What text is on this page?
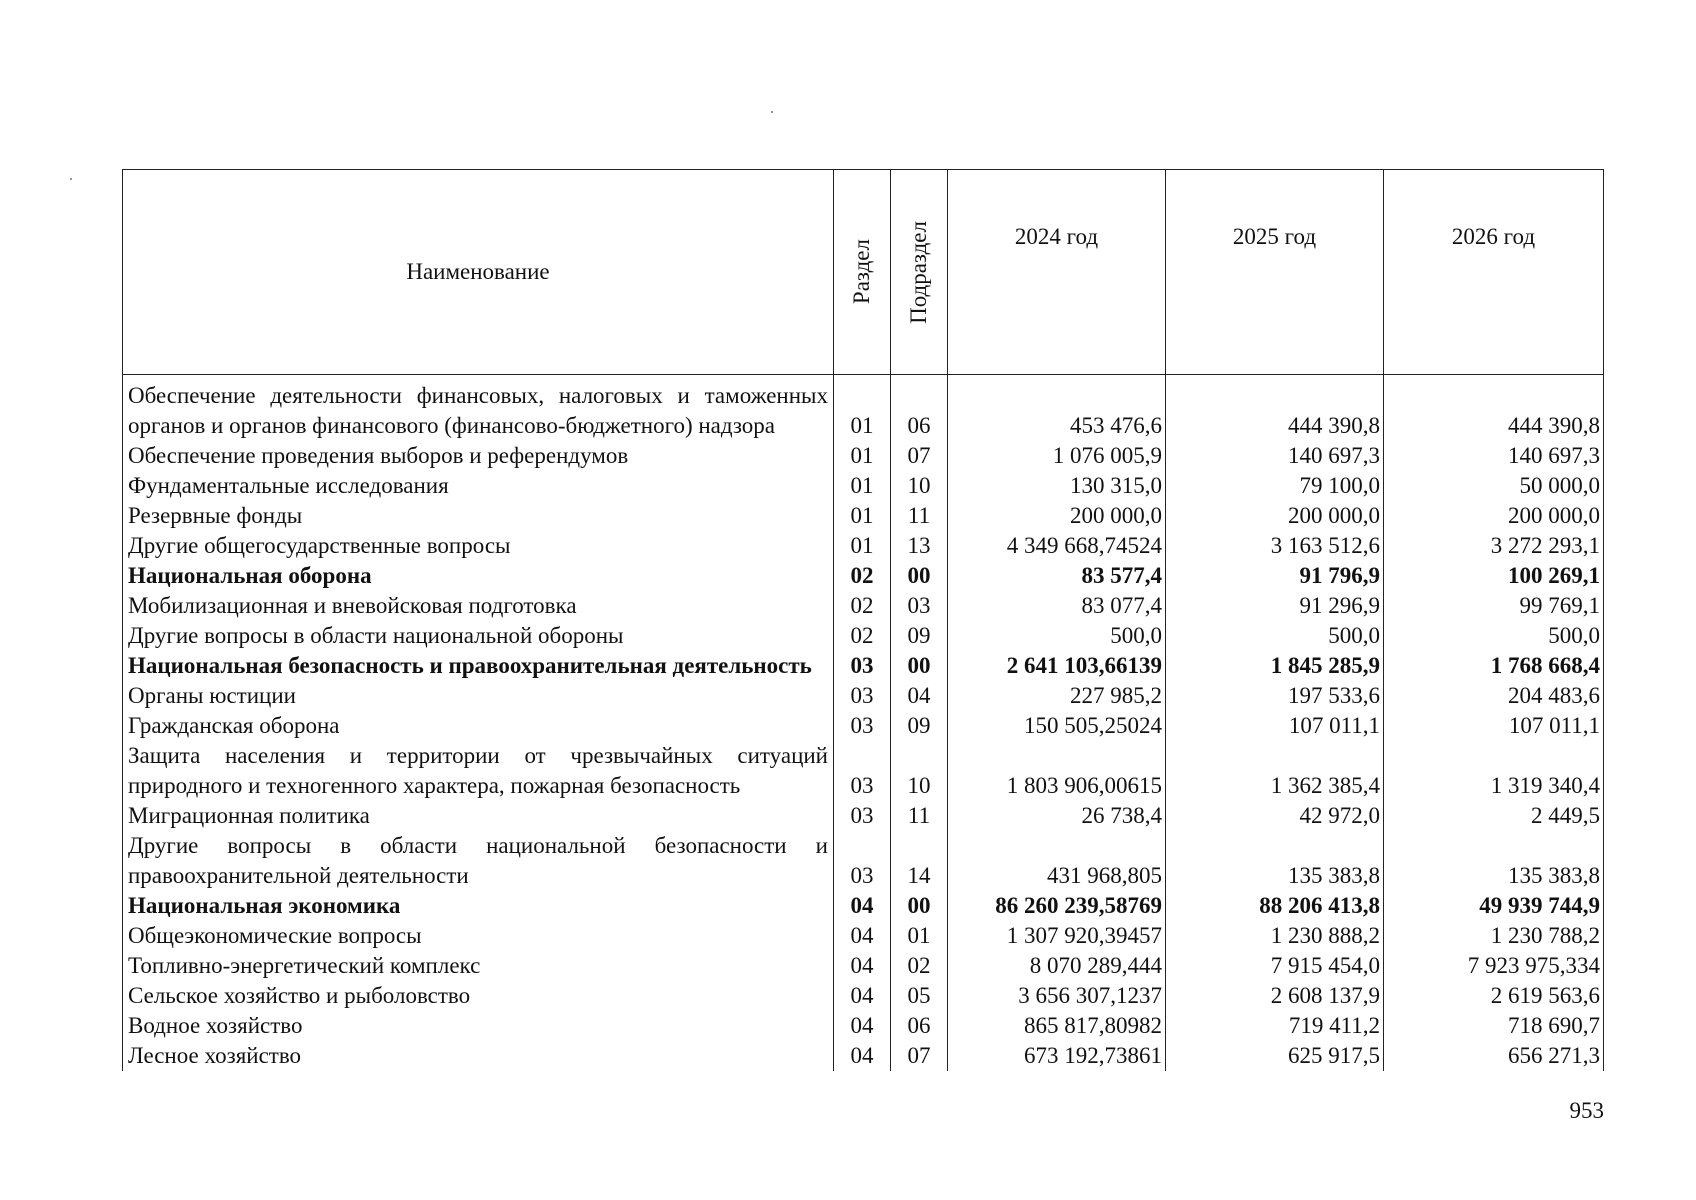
Наименование	Раздел	Подраздел	2024 год	2025 год	2026 год
Обеспечение деятельности финансовых, налоговых и таможенных органов и органов финансового (финансово-бюджетного) надзора	01	06	453 476,6	444 390,8	444 390,8
Обеспечение проведения выборов и референдумов	01	07	1 076 005,9	140 697,3	140 697,3
Фундаментальные исследования	01	10	130 315,0	79 100,0	50 000,0
Резервные фонды	01	11	200 000,0	200 000,0	200 000,0
Другие общегосударственные вопросы	01	13	4 349 668,74524	3 163 512,6	3 272 293,1
Национальная оборона	02	00	83 577,4	91 796,9	100 269,1
Мобилизационная и вневойсковая подготовка	02	03	83 077,4	91 296,9	99 769,1
Другие вопросы в области национальной обороны	02	09	500,0	500,0	500,0
Национальная безопасность и правоохранительная деятельность	03	00	2 641 103,66139	1 845 285,9	1 768 668,4
Органы юстиции	03	04	227 985,2	197 533,6	204 483,6
Гражданская оборона	03	09	150 505,25024	107 011,1	107 011,1
Защита населения и территории от чрезвычайных ситуаций природного и техногенного характера, пожарная безопасность	03	10	1 803 906,00615	1 362 385,4	1 319 340,4
Миграционная политика	03	11	26 738,4	42 972,0	2 449,5
Другие вопросы в области национальной безопасности и правоохранительной деятельности	03	14	431 968,805	135 383,8	135 383,8
Национальная экономика	04	00	86 260 239,58769	88 206 413,8	49 939 744,9
Общеэкономические вопросы	04	01	1 307 920,39457	1 230 888,2	1 230 788,2
Топливно-энергетический комплекс	04	02	8 070 289,444	7 915 454,0	7 923 975,334
Сельское хозяйство и рыболовство	04	05	3 656 307,1237	2 608 137,9	2 619 563,6
Водное хозяйство	04	06	865 817,80982	719 411,2	718 690,7
Лесное хозяйство	04	07	673 192,73861	625 917,5	656 271,3
953
